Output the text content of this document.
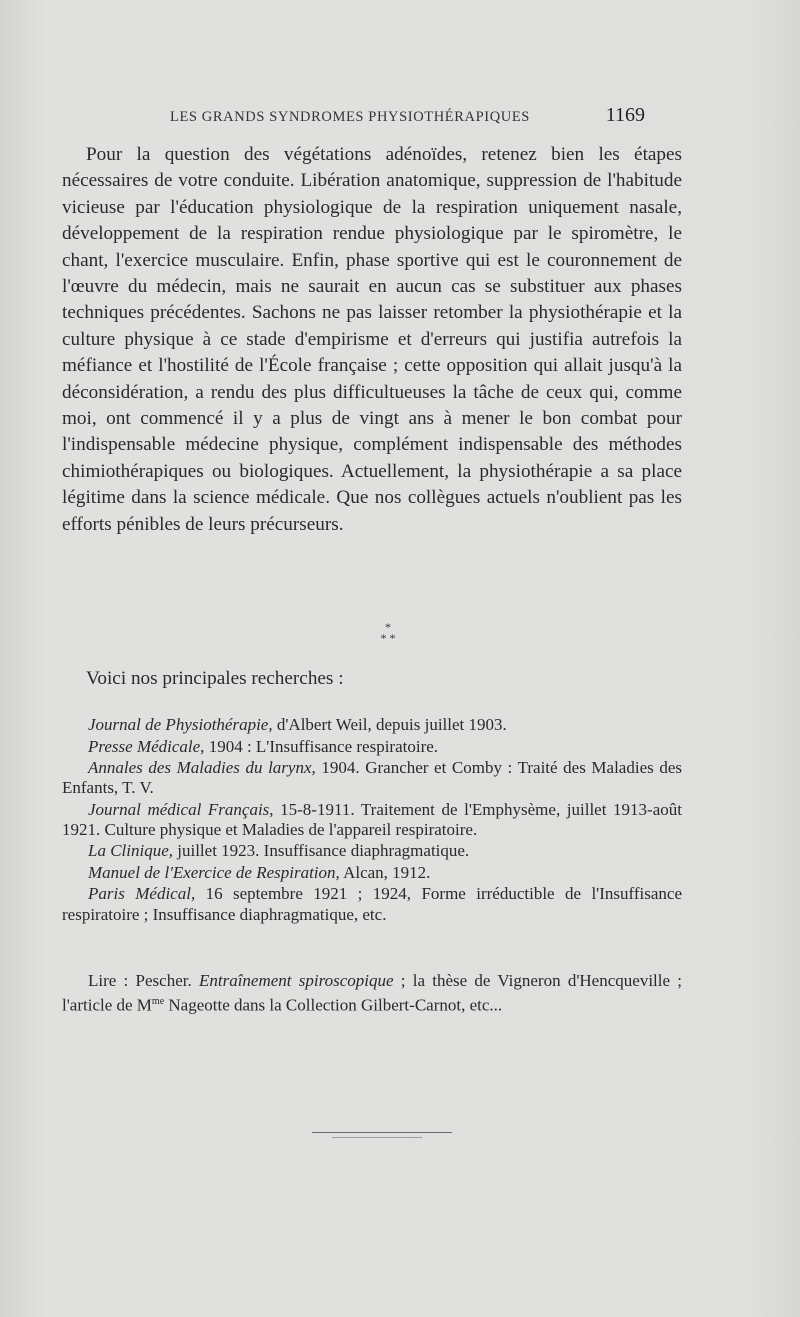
LES GRANDS SYNDROMES PHYSIOTHÉRAPIQUES	1169

Pour la question des végétations adénoïdes, retenez bien les étapes nécessaires de votre conduite. Libération anatomique, suppression de l'habitude vicieuse par l'éducation physiologique de la respiration uniquement nasale, développement de la respiration rendue physiologique par le spiromètre, le chant, l'exercice musculaire. Enfin, phase sportive qui est le couronnement de l'œuvre du médecin, mais ne saurait en aucun cas se substituer aux phases techniques précédentes. Sachons ne pas laisser retomber la physiothérapie et la culture physique à ce stade d'empirisme et d'erreurs qui justifia autrefois la méfiance et l'hostilité de l'École française ; cette opposition qui allait jusqu'à la déconsidération, a rendu des plus difficultueuses la tâche de ceux qui, comme moi, ont commencé il y a plus de vingt ans à mener le bon combat pour l'indispensable médecine physique, complément indispensable des méthodes chimiothérapiques ou biologiques. Actuellement, la physiothérapie a sa place légitime dans la science médicale. Que nos collègues actuels n'oublient pas les efforts pénibles de leurs précurseurs.

*
* *
Voici nos principales recherches :

Journal de Physiothérapie, d'Albert Weil, depuis juillet 1903.

Presse Médicale, 1904 : L'Insuffisance respiratoire.

Annales des Maladies du larynx, 1904. Grancher et Comby : Traité des Maladies des Enfants, T. V.

Journal médical Français, 15-8-1911. Traitement de l'Emphysème, juillet 1913-août 1921. Culture physique et Maladies de l'appareil respiratoire.

La Clinique, juillet 1923. Insuffisance diaphragmatique.

Manuel de l'Exercice de Respiration, Alcan, 1912.

Paris Médical, 16 septembre 1921 ; 1924, Forme irréductible de l'Insuffisance respiratoire ; Insuffisance diaphragmatique, etc.

Lire : Pescher. Entraînement spiroscopique ; la thèse de Vigneron d'Hencqueville ; l'article de $M^{me}$ Nageotte dans la Collection Gilbert-Carnot, etc...
